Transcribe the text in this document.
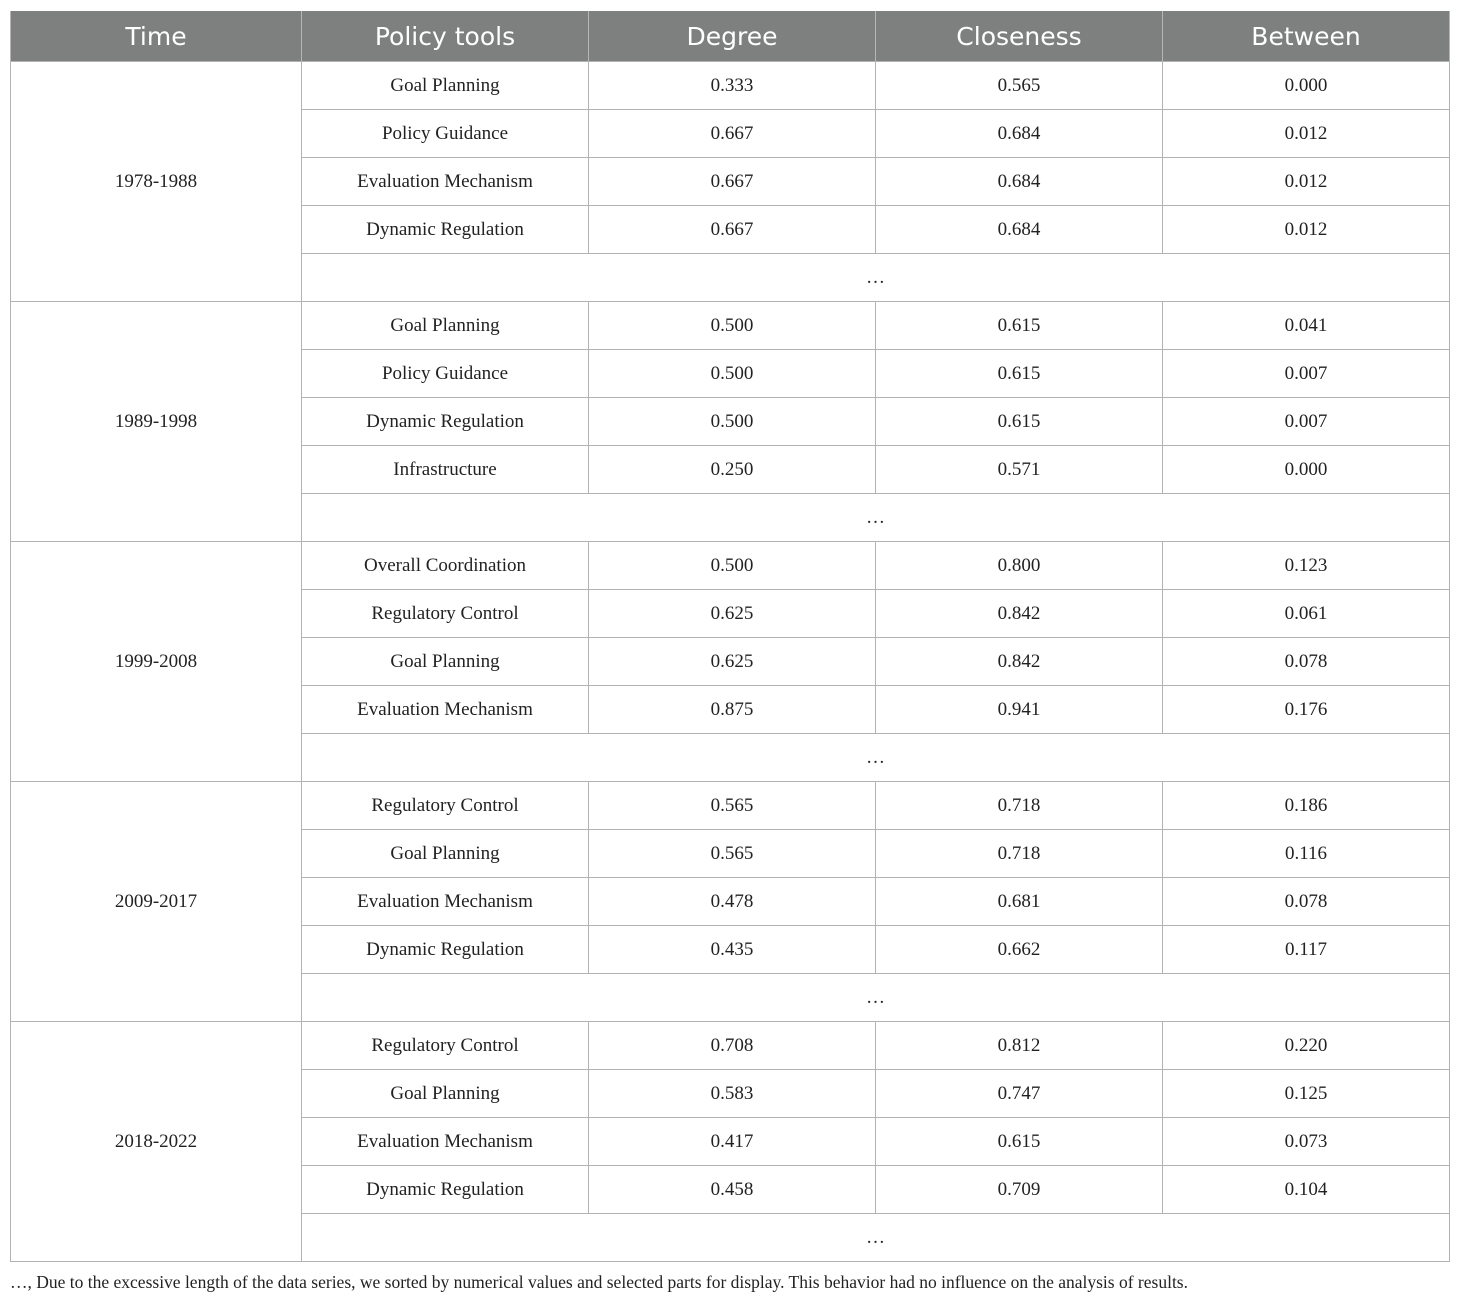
Time	Policy tools	Degree	Closeness	Between
1978-1988	Goal Planning	0.333	0.565	0.000
	Policy Guidance	0.667	0.684	0.012
	Evaluation Mechanism	0.667	0.684	0.012
	Dynamic Regulation	0.667	0.684	0.012
	…			
1989-1998	Goal Planning	0.500	0.615	0.041
	Policy Guidance	0.500	0.615	0.007
	Dynamic Regulation	0.500	0.615	0.007
	Infrastructure	0.250	0.571	0.000
	…			
1999-2008	Overall Coordination	0.500	0.800	0.123
	Regulatory Control	0.625	0.842	0.061
	Goal Planning	0.625	0.842	0.078
	Evaluation Mechanism	0.875	0.941	0.176
	…			
2009-2017	Regulatory Control	0.565	0.718	0.186
	Goal Planning	0.565	0.718	0.116
	Evaluation Mechanism	0.478	0.681	0.078
	Dynamic Regulation	0.435	0.662	0.117
	…			
2018-2022	Regulatory Control	0.708	0.812	0.220
	Goal Planning	0.583	0.747	0.125
	Evaluation Mechanism	0.417	0.615	0.073
	Dynamic Regulation	0.458	0.709	0.104
	…			
…, Due to the excessive length of the data series, we sorted by numerical values and selected parts for display. This behavior had no influence on the analysis of results.
